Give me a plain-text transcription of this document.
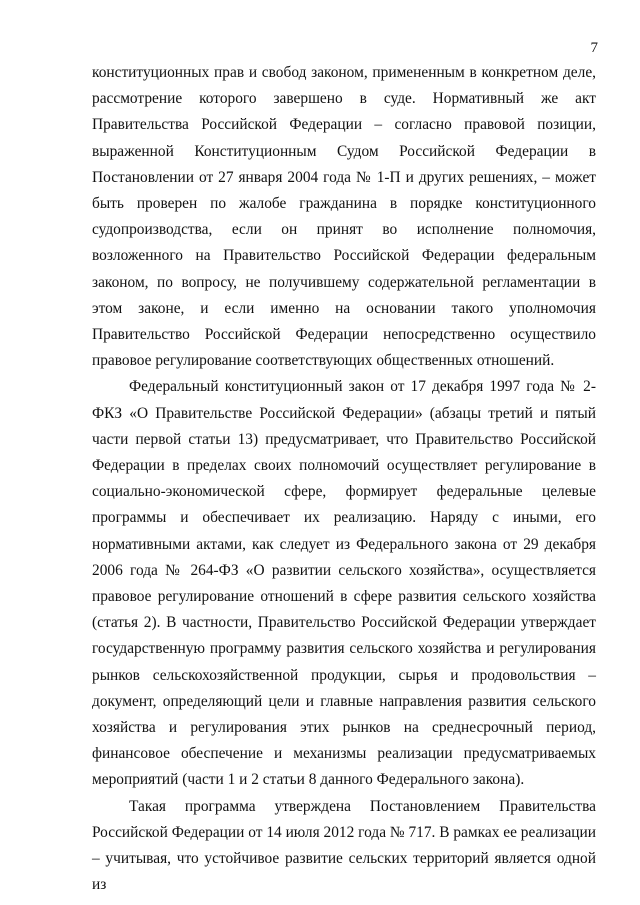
7

конституционных прав и свобод законом, примененным в конкретном деле, рассмотрение которого завершено в суде. Нормативный же акт Правительства Российской Федерации – согласно правовой позиции, выраженной Конституционным Судом Российской Федерации в Постановлении от 27 января 2004 года № 1-П и других решениях, – может быть проверен по жалобе гражданина в порядке конституционного судопроизводства, если он принят во исполнение полномочия, возложенного на Правительство Российской Федерации федеральным законом, по вопросу, не получившему содержательной регламентации в этом законе, и если именно на основании такого уполномочия Правительство Российской Федерации непосредственно осуществило правовое регулирование соответствующих общественных отношений.

Федеральный конституционный закон от 17 декабря 1997 года № 2-ФКЗ «О Правительстве Российской Федерации» (абзацы третий и пятый части первой статьи 13) предусматривает, что Правительство Российской Федерации в пределах своих полномочий осуществляет регулирование в социально-экономической сфере, формирует федеральные целевые программы и обеспечивает их реализацию. Наряду с иными, его нормативными актами, как следует из Федерального закона от 29 декабря 2006 года № 264-ФЗ «О развитии сельского хозяйства», осуществляется правовое регулирование отношений в сфере развития сельского хозяйства (статья 2). В частности, Правительство Российской Федерации утверждает государственную программу развития сельского хозяйства и регулирования рынков сельскохозяйственной продукции, сырья и продовольствия – документ, определяющий цели и главные направления развития сельского хозяйства и регулирования этих рынков на среднесрочный период, финансовое обеспечение и механизмы реализации предусматриваемых мероприятий (части 1 и 2 статьи 8 данного Федерального закона).

Такая программа утверждена Постановлением Правительства Российской Федерации от 14 июля 2012 года № 717. В рамках ее реализации – учитывая, что устойчивое развитие сельских территорий является одной из
